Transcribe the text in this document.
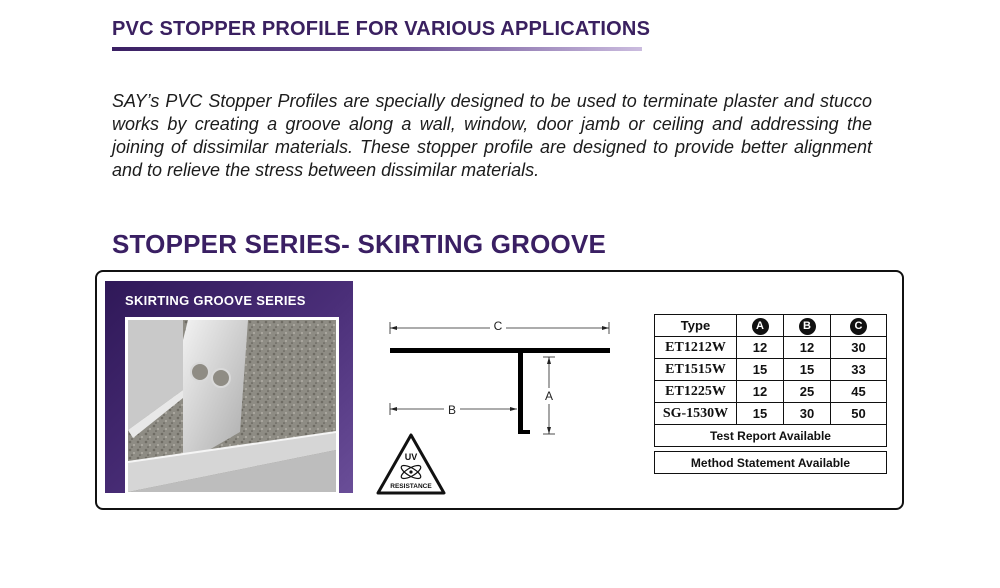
PVC STOPPER PROFILE FOR VARIOUS APPLICATIONS

SAY’s PVC Stopper Profiles are specially designed to be used to terminate plaster and stucco works by creating a groove along a wall, window, door jamb or ceiling and addressing the joining of dissimilar materials. These stopper profile are designed to provide better alignment and to relieve the stress between dissimilar materials.

STOPPER SERIES- SKIRTING GROOVE
SKIRTING GROOVE SERIES
C
B
A
UV
RESISTANCE
Type	A	B	C
ET1212W	12	12	30
ET1515W	15	15	33
ET1225W	12	25	45
SG-1530W	15	30	50
Test Report Available			

Method Statement Available			
